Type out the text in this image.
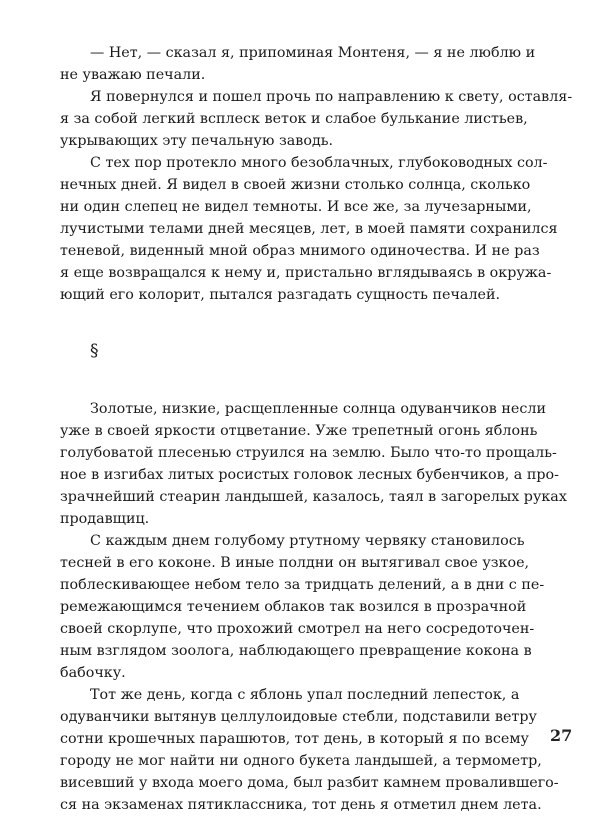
— Нет, — сказал я, припоминая Монтеня, — я не люблю и
не уважаю печали.

Я повернулся и пошел прочь по направлению к свету, оставля-
я за собой легкий всплеск веток и слабое булькание листьев,
укрывающих эту печальную заводь.

С тех пор протекло много безоблачных, глубоководных сол-
нечных дней. Я видел в своей жизни столько солнца, сколько
ни один слепец не видел темноты. И все же, за лучезарными,
лучистыми телами дней месяцев, лет, в моей памяти сохранился
теневой, виденный мной образ мнимого одиночества. И не раз
я еще возвращался к нему и, пристально вглядываясь в окружа-
ющий его колорит, пытался разгадать сущность печалей.

§

Золотые, низкие, расщепленные солнца одуванчиков несли
уже в своей яркости отцветание. Уже трепетный огонь яблонь
голубоватой плесенью струился на землю. Было что-то прощаль-
ное в изгибах литых росистых головок лесных бубенчиков, а про-
зрачнейший стеарин ландышей, казалось, таял в загорелых руках
продавщиц.

С каждым днем голубому ртутному червяку становилось
тесней в его коконе. В иные полдни он вытягивал свое узкое,
поблескивающее небом тело за тридцать делений, а в дни с пе-
ремежающимся течением облаков так возился в прозрачной
своей скорлупе, что прохожий смотрел на него сосредоточен-
ным взглядом зоолога, наблюдающего превращение кокона в
бабочку.

Тот же день, когда с яблонь упал последний лепесток, а
одуванчики вытянув целлулоидовые стебли, подставили ветру
сотни крошечных парашютов, тот день, в который я по всему
городу не мог найти ни одного букета ландышей, а термометр,
висевший у входа моего дома, был разбит камнем провалившего-
ся на экзаменах пятиклассника, тот день я отметил днем лета.

27
